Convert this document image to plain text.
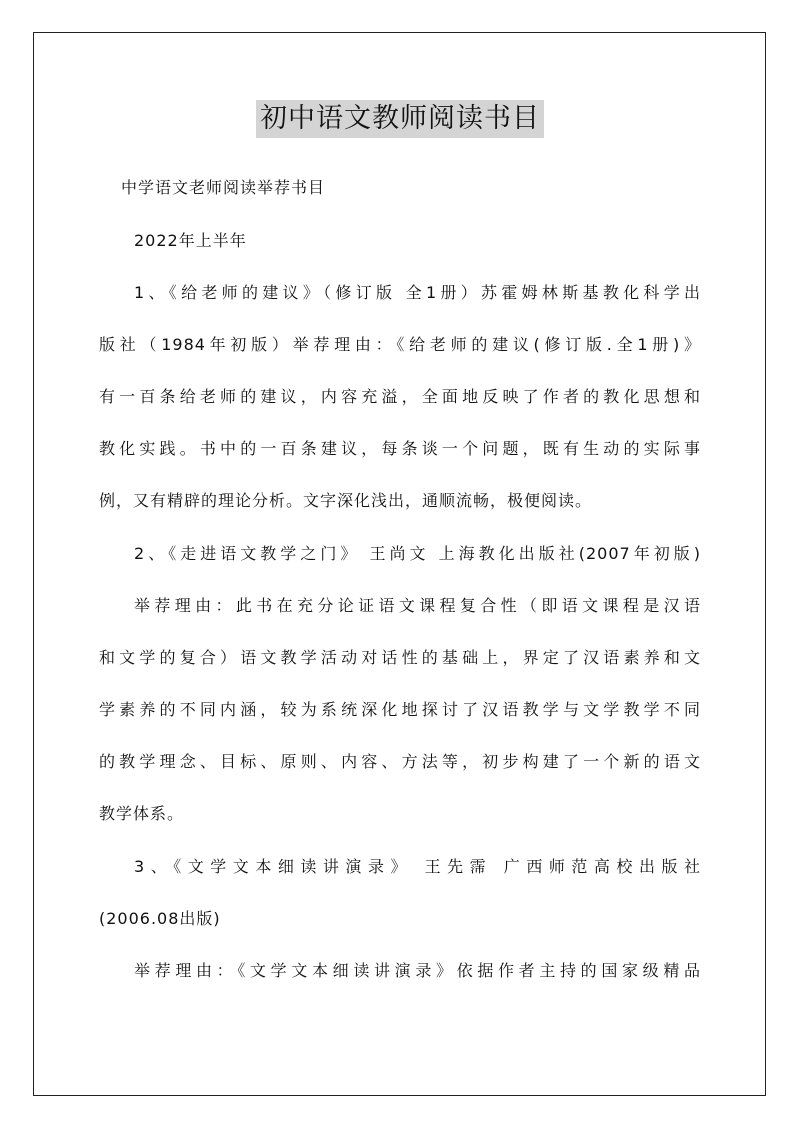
初中语文教师阅读书目
中学语文老师阅读举荐书目
2022年上半年
1、《给老师的建议》（修订版 全1册）苏霍姆林斯基教化科学出
版社（1984年初版）举荐理由：《给老师的建议(修订版.全1册)》
有一百条给老师的建议，内容充溢，全面地反映了作者的教化思想和
教化实践。书中的一百条建议，每条谈一个问题，既有生动的实际事
例，又有精辟的理论分析。文字深化浅出，通顺流畅，极便阅读。
2、《走进语文教学之门》 王尚文 上海教化出版社(2007年初版)
举荐理由：此书在充分论证语文课程复合性（即语文课程是汉语
和文学的复合）语文教学活动对话性的基础上，界定了汉语素养和文
学素养的不同内涵，较为系统深化地探讨了汉语教学与文学教学不同
的教学理念、目标、原则、内容、方法等，初步构建了一个新的语文
教学体系。
3、《文学文本细读讲演录》 王先霈 广西师范高校出版社
(2006.08出版)
举荐理由：《文学文本细读讲演录》依据作者主持的国家级精品
